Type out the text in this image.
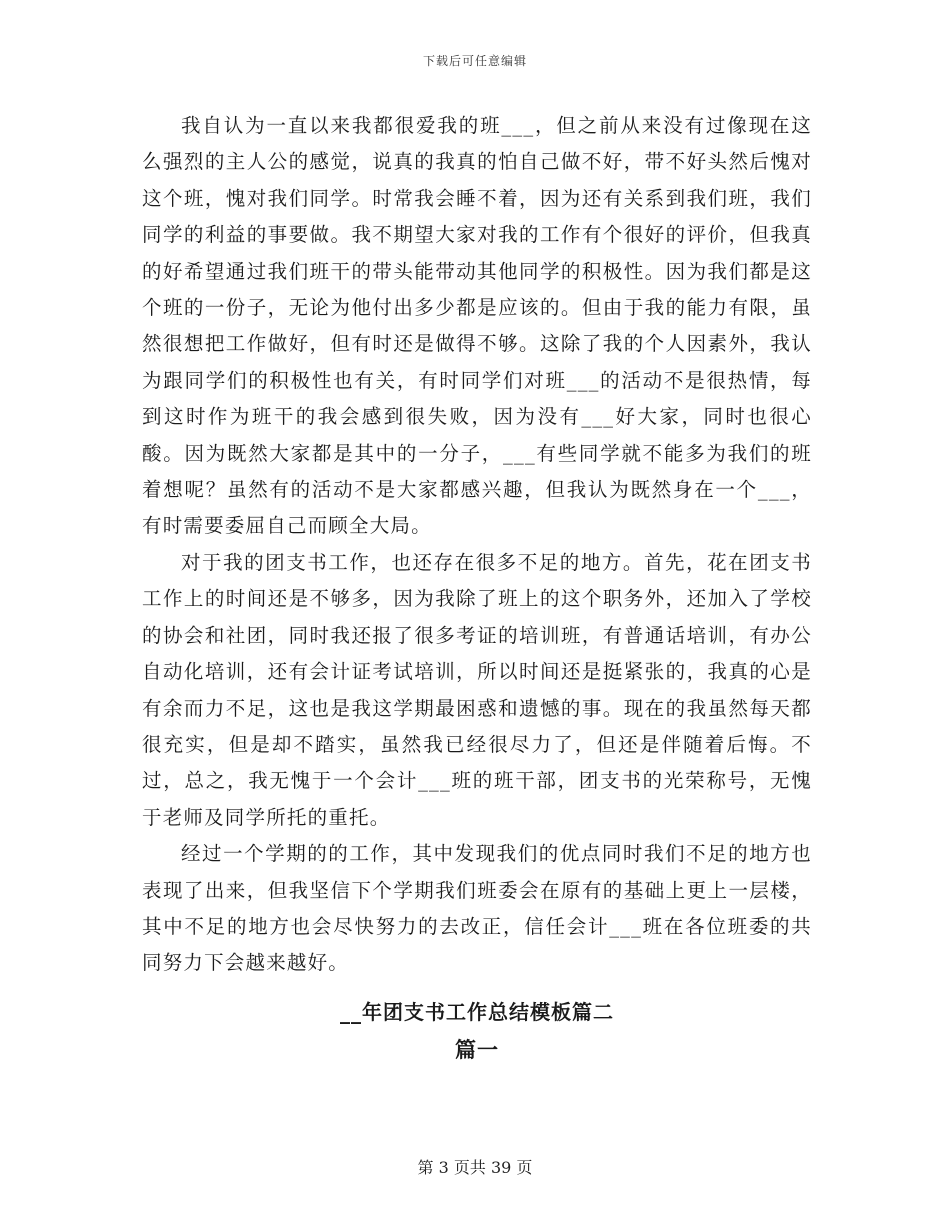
下载后可任意编辑

我自认为一直以来我都很爱我的班___，但之前从来没有过像现在这么强烈的主人公的感觉，说真的我真的怕自己做不好，带不好头然后愧对这个班，愧对我们同学。时常我会睡不着，因为还有关系到我们班，我们同学的利益的事要做。我不期望大家对我的工作有个很好的评价，但我真的好希望通过我们班干的带头能带动其他同学的积极性。因为我们都是这个班的一份子，无论为他付出多少都是应该的。但由于我的能力有限，虽然很想把工作做好，但有时还是做得不够。这除了我的个人因素外，我认为跟同学们的积极性也有关，有时同学们对班___的活动不是很热情，每到这时作为班干的我会感到很失败，因为没有___好大家，同时也很心酸。因为既然大家都是其中的一分子，___有些同学就不能多为我们的班着想呢？虽然有的活动不是大家都感兴趣，但我认为既然身在一个___，有时需要委屈自己而顾全大局。

对于我的团支书工作，也还存在很多不足的地方。首先，花在团支书工作上的时间还是不够多，因为我除了班上的这个职务外，还加入了学校的协会和社团，同时我还报了很多考证的培训班，有普通话培训，有办公自动化培训，还有会计证考试培训，所以时间还是挺紧张的，我真的心是有余而力不足，这也是我这学期最困惑和遗憾的事。现在的我虽然每天都很充实，但是却不踏实，虽然我已经很尽力了，但还是伴随着后悔。不过，总之，我无愧于一个会计___班的班干部，团支书的光荣称号，无愧于老师及同学所托的重托。

经过一个学期的的工作，其中发现我们的优点同时我们不足的地方也表现了出来，但我坚信下个学期我们班委会在原有的基础上更上一层楼，其中不足的地方也会尽快努力的去改正，信任会计___班在各位班委的共同努力下会越来越好。

__年团支书工作总结模板篇二
篇一
第 3 页共 39 页
